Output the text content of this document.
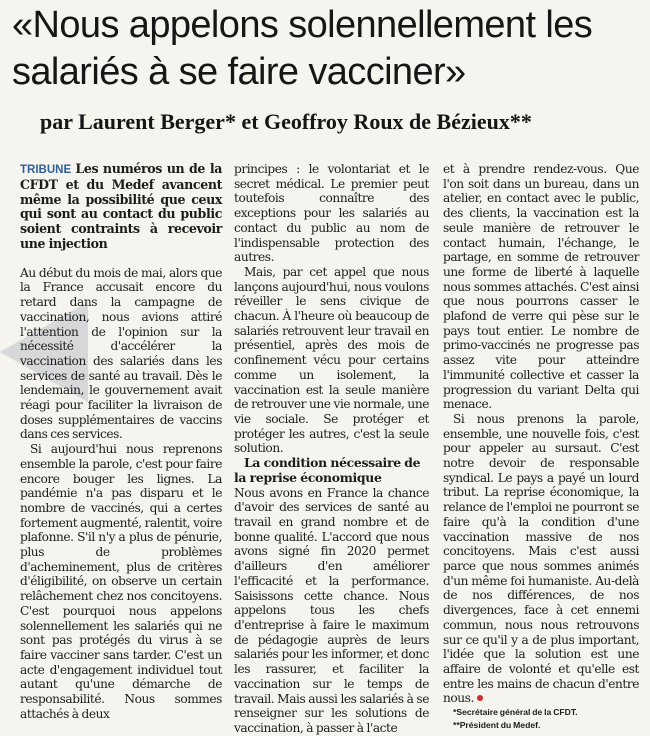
«Nous appelons solennellement les salariés à se faire vacciner»
par Laurent Berger* et Geoffroy Roux de Bézieux**
TRIBUNE Les numéros un de la CFDT et du Medef avancent même la possibilité que ceux qui sont au contact du public soient contraints à recevoir une injection

Au début du mois de mai, alors que la France accusait encore du retard dans la campagne de vaccination, nous avions attiré l'attention de l'opinion sur la nécessité d'accélérer la vaccination des salariés dans les services de santé au travail. Dès le lendemain, le gouvernement avait réagi pour faciliter la livraison de doses supplémentaires de vaccins dans ces services.

Si aujourd'hui nous reprenons ensemble la parole, c'est pour faire encore bouger les lignes. La pandémie n'a pas disparu et le nombre de vaccinés, qui a certes fortement augmenté, ralentit, voire plafonne. S'il n'y a plus de pénurie, plus de problèmes d'acheminement, plus de critères d'éligibilité, on observe un certain relâchement chez nos concitoyens. C'est pourquoi nous appelons solennellement les salariés qui ne sont pas protégés du virus à se faire vacciner sans tarder. C'est un acte d'engagement individuel tout autant qu'une démarche de responsabilité. Nous sommes attachés à deux

principes : le volontariat et le secret médical. Le premier peut toutefois connaître des exceptions pour les salariés au contact du public au nom de l'indispensable protection des autres.

Mais, par cet appel que nous lançons aujourd'hui, nous voulons réveiller le sens civique de chacun. À l'heure où beaucoup de salariés retrouvent leur travail en présentiel, après des mois de confinement vécu pour certains comme un isolement, la vaccination est la seule manière de retrouver une vie normale, une vie sociale. Se protéger et protéger les autres, c'est la seule solution.

La condition nécessaire de la reprise économique

Nous avons en France la chance d'avoir des services de santé au travail en grand nombre et de bonne qualité. L'accord que nous avons signé fin 2020 permet d'ailleurs d'en améliorer l'efficacité et la performance. Saisissons cette chance. Nous appelons tous les chefs d'entreprise à faire le maximum de pédagogie auprès de leurs salariés pour les informer, et donc les rassurer, et faciliter la vaccination sur le temps de travail. Mais aussi les salariés à se renseigner sur les solutions de vaccination, à passer à l'acte

et à prendre rendez-vous. Que l'on soit dans un bureau, dans un atelier, en contact avec le public, des clients, la vaccination est la seule manière de retrouver le contact humain, l'échange, le partage, en somme de retrouver une forme de liberté à laquelle nous sommes attachés. C'est ainsi que nous pourrons casser le plafond de verre qui pèse sur le pays tout entier. Le nombre de primo-vaccinés ne progresse pas assez vite pour atteindre l'immunité collective et casser la progression du variant Delta qui menace.

Si nous prenons la parole, ensemble, une nouvelle fois, c'est pour appeler au sursaut. C'est notre devoir de responsable syndical. Le pays a payé un lourd tribut. La reprise économique, la relance de l'emploi ne pourront se faire qu'à la condition d'une vaccination massive de nos concitoyens. Mais c'est aussi parce que nous sommes animés d'un même foi humaniste. Au-delà de nos différences, de nos divergences, face à cet ennemi commun, nous nous retrouvons sur ce qu'il y a de plus important, l'idée que la solution est une affaire de volonté et qu'elle est entre les mains de chacun d'entre nous.

*Secrétaire général de la CFDT.

**Président du Medef.
